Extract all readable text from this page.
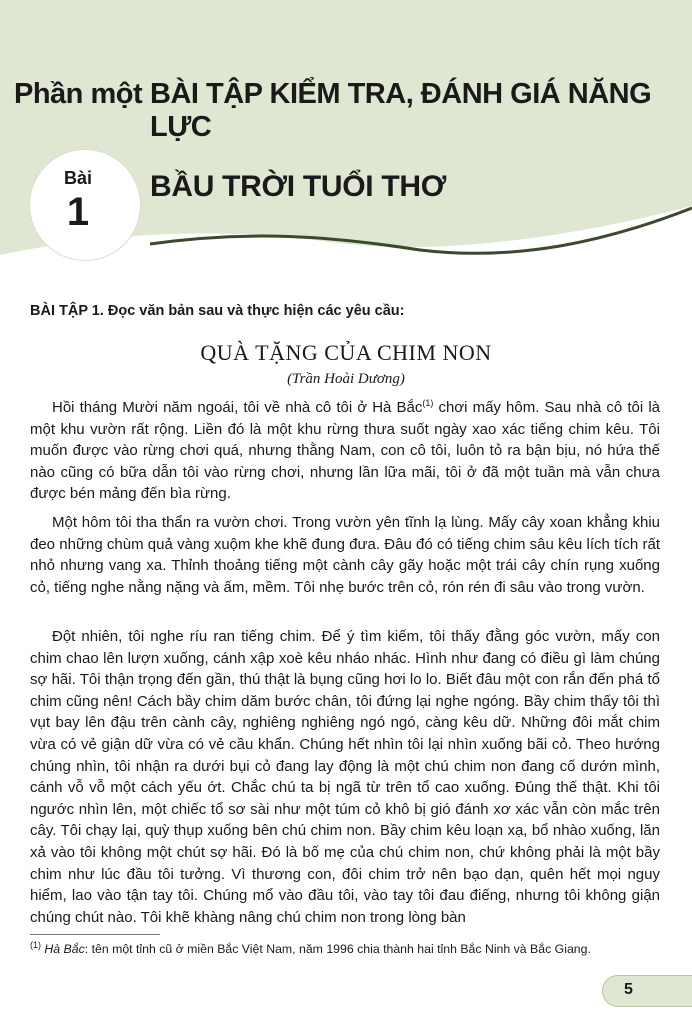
Phần một BÀI TẬP KIỂM TRA, ĐÁNH GIÁ NĂNG LỰC
Bài
1
BẦU TRỜI TUỔI THƠ
BÀI TẬP 1. Đọc văn bản sau và thực hiện các yêu cầu:
QUÀ TẶNG CỦA CHIM NON
(Trần Hoài Dương)
Hồi tháng Mười năm ngoái, tôi về nhà cô tôi ở Hà Bắc$^{(1)}$ chơi mấy hôm. Sau nhà cô tôi là một khu vườn rất rộng. Liền đó là một khu rừng thưa suốt ngày xao xác tiếng chim kêu. Tôi muốn được vào rừng chơi quá, nhưng thằng Nam, con cô tôi, luôn tỏ ra bận bịu, nó hứa thế nào cũng có bữa dẫn tôi vào rừng chơi, nhưng lần lữa mãi, tôi ở đã một tuần mà vẫn chưa được bén mảng đến bìa rừng.
Một hôm tôi tha thẩn ra vườn chơi. Trong vườn yên tĩnh lạ lùng. Mấy cây xoan khẳng khiu đeo những chùm quả vàng xuộm khe khẽ đung đưa. Đâu đó có tiếng chim sâu kêu lích tích rất nhỏ nhưng vang xa. Thỉnh thoảng tiếng một cành cây gãy hoặc một trái cây chín rụng xuống cỏ, tiếng nghe nằng nặng và ấm, mềm. Tôi nhẹ bước trên cỏ, rón rén đi sâu vào trong vườn.
Đột nhiên, tôi nghe ríu ran tiếng chim. Để ý tìm kiếm, tôi thấy đằng góc vườn, mấy con chim chao lên lượn xuống, cánh xập xoè kêu nháo nhác. Hình như đang có điều gì làm chúng sợ hãi. Tôi thận trọng đến gần, thú thật là bụng cũng hơi lo lo. Biết đâu một con rắn đến phá tổ chim cũng nên! Cách bầy chim dăm bước chân, tôi đứng lại nghe ngóng. Bầy chim thấy tôi thì vụt bay lên đậu trên cành cây, nghiêng nghiêng ngó ngó, càng kêu dữ. Những đôi mắt chim vừa có vẻ giận dữ vừa có vẻ cầu khẩn. Chúng hết nhìn tôi lại nhìn xuống bãi cỏ. Theo hướng chúng nhìn, tôi nhận ra dưới bụi cỏ đang lay động là một chú chim non đang cố dướn mình, cánh vỗ vỗ một cách yếu ớt. Chắc chú ta bị ngã từ trên tổ cao xuống. Đúng thế thật. Khi tôi ngước nhìn lên, một chiếc tổ sơ sài như một túm cỏ khô bị gió đánh xơ xác vẫn còn mắc trên cây. Tôi chạy lại, quỳ thụp xuống bên chú chim non. Bầy chim kêu loạn xạ, bổ nhào xuống, lăn xả vào tôi không một chút sợ hãi. Đó là bố mẹ của chú chim non, chứ không phải là một bầy chim như lúc đầu tôi tưởng. Vì thương con, đôi chim trở nên bạo dạn, quên hết mọi nguy hiểm, lao vào tận tay tôi. Chúng mổ vào đầu tôi, vào tay tôi đau điếng, nhưng tôi không giận chúng chút nào. Tôi khẽ khàng nâng chú chim non trong lòng bàn
$^{(1)}$ Hà Bắc: tên một tỉnh cũ ở miền Bắc Việt Nam, năm 1996 chia thành hai tỉnh Bắc Ninh và Bắc Giang.
5
